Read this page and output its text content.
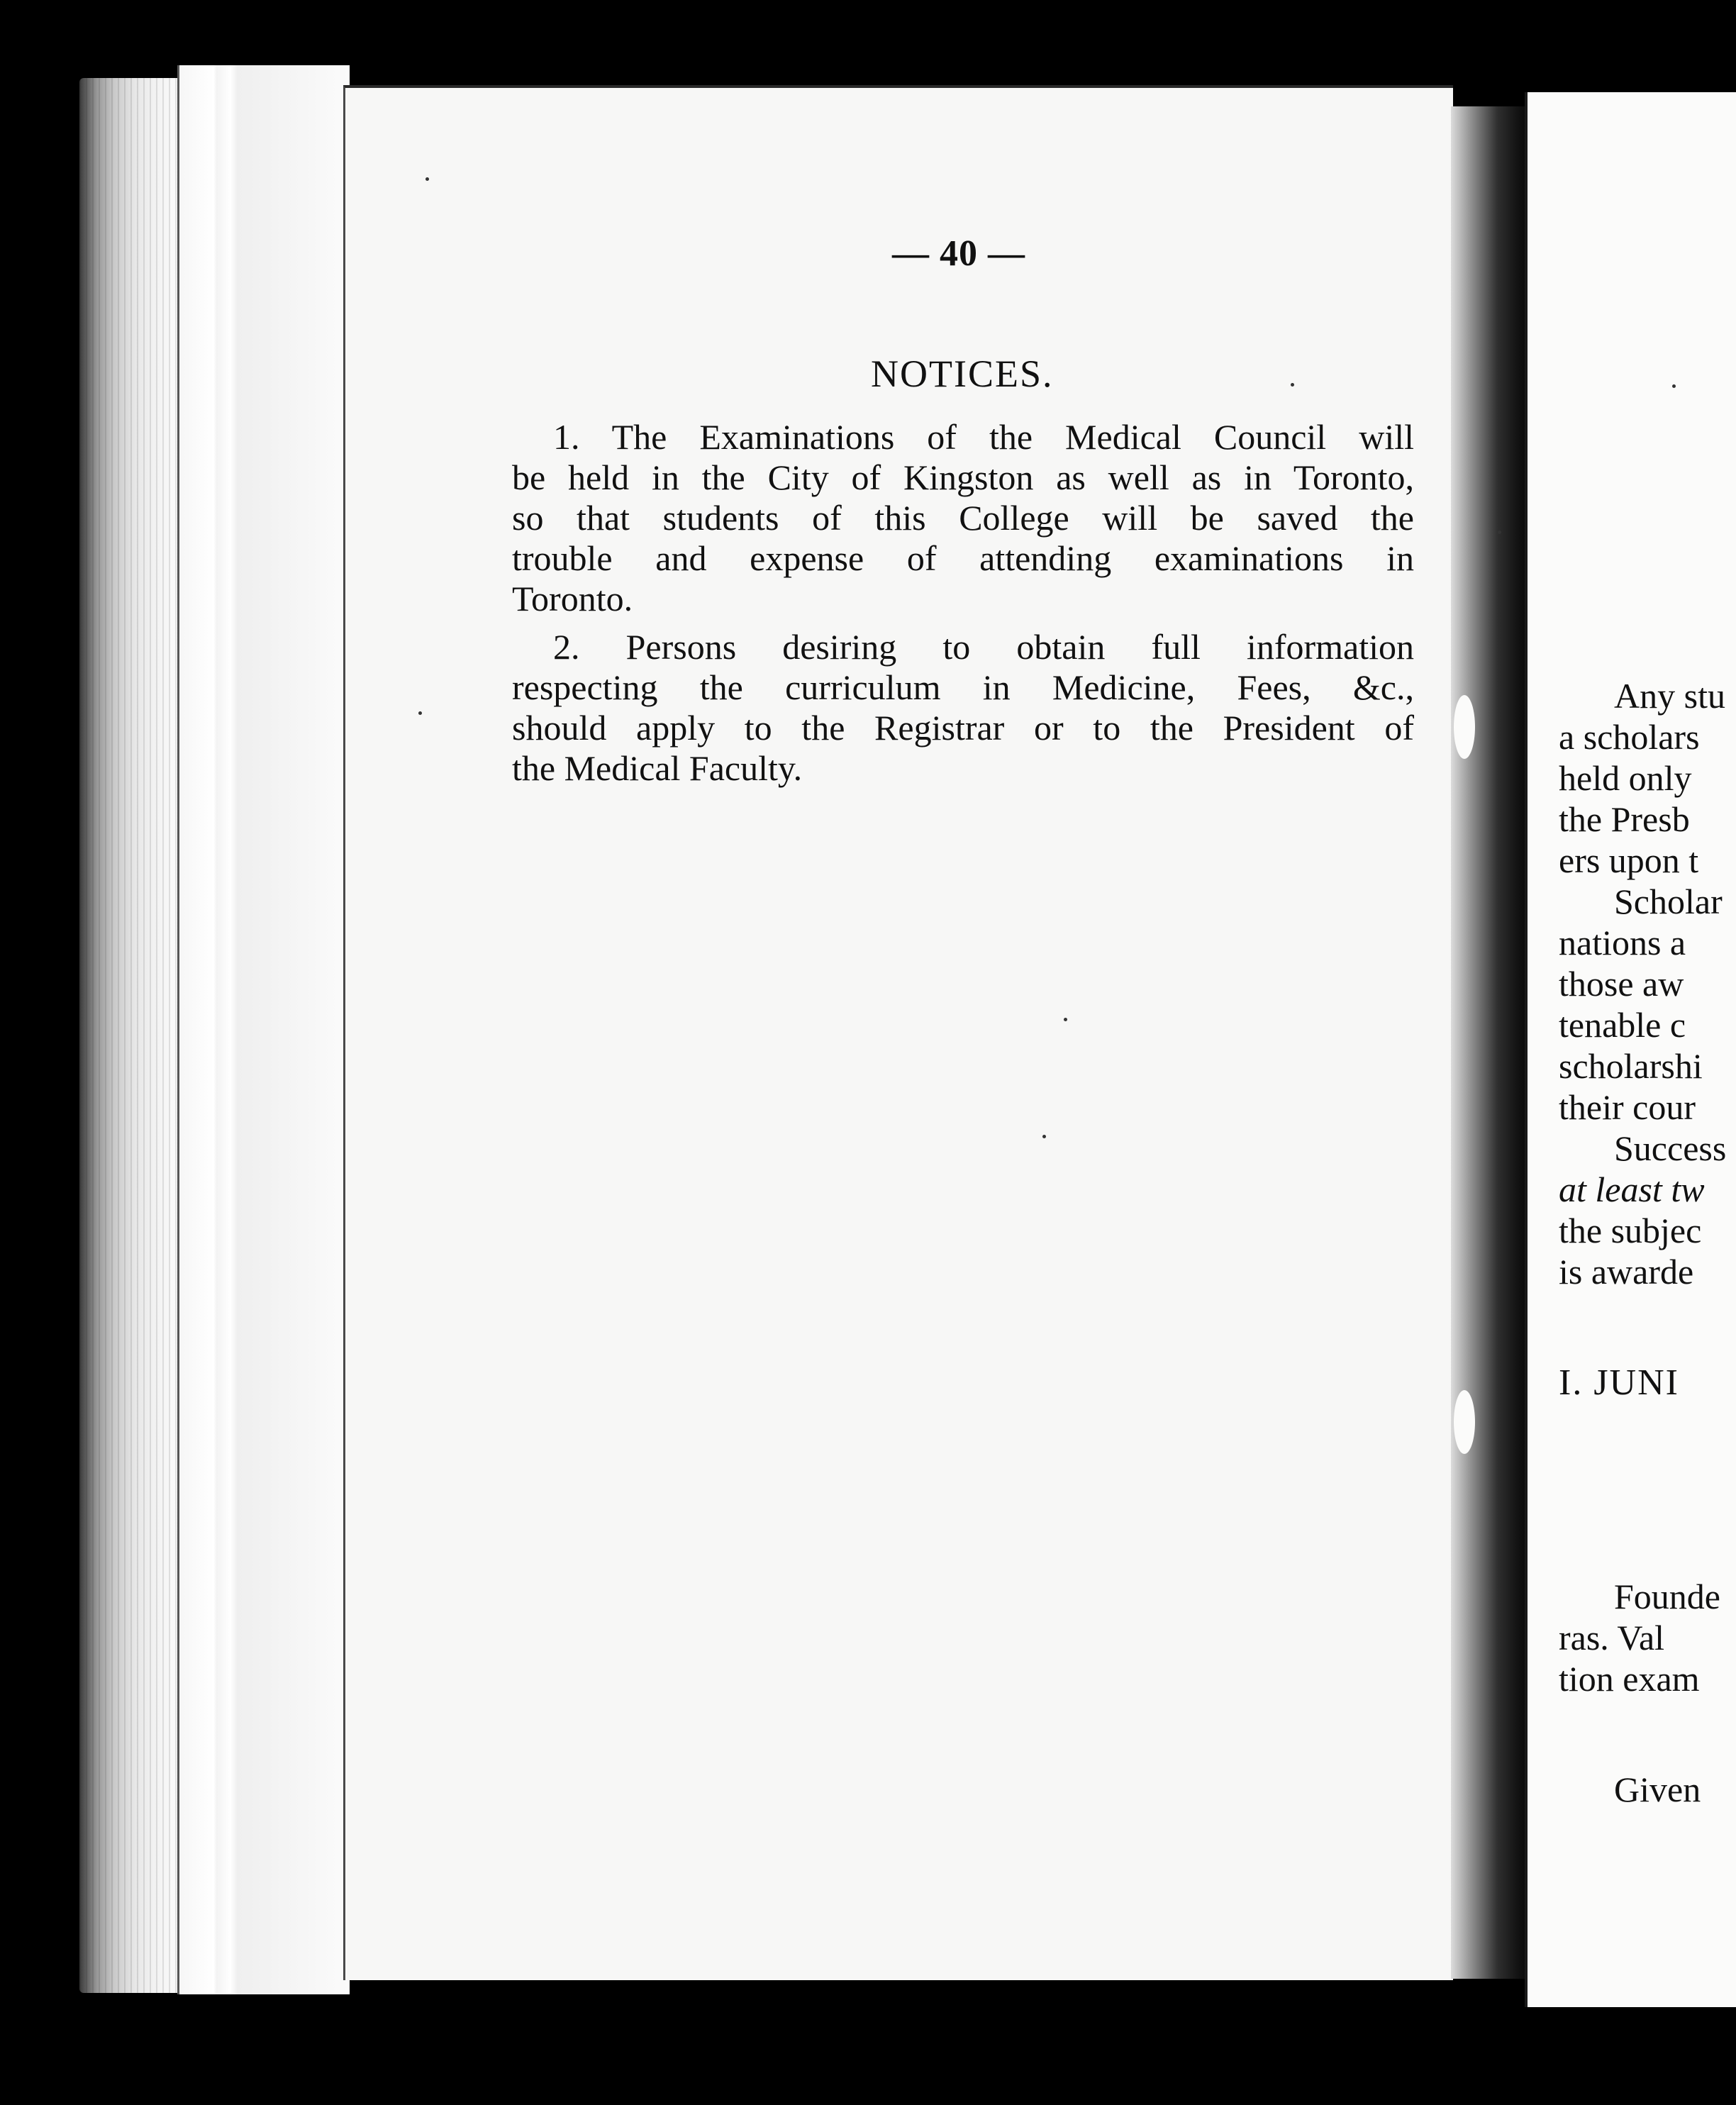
— 40 —
NOTICES.
1. The Examinations of the Medical Council will
be held in the City of Kingston as well as in Toronto,
so that students of this College will be saved the
trouble and expense of attending examinations in
Toronto.
2. Persons desiring to obtain full information
respecting the curriculum in Medicine, Fees, &c.,
should apply to the Registrar or to the President of
the Medical Faculty.
Any stu
a scholars
held only
the Presb
ers upon t
Scholar
nations a
those aw
tenable c
scholarshi
their cour
Success
at least tw
the subjec
is awarde
I. JUNI
Founde
ras. Val
tion exam
Given
